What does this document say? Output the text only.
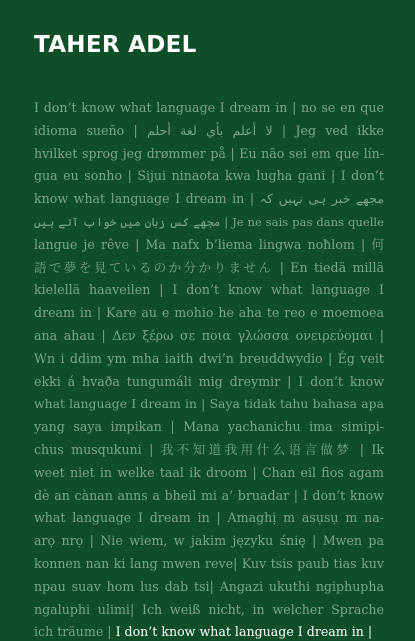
TAHER ADEL
I don’t know what language I dream in | no se en que
idioma sueño | لا أعلم بأي لغة أحلم | Jeg ved ikke
hvilket sprog jeg drømmer på | Eu não sei em que lín-
gua eu sonho | Sijui ninaota kwa lugha gani | I don’t
know what language I dream in | مجھے خبر ہی نہیں کہ
مجھے کس زبان میں خواب آتے ہیں | Je ne sais pas dans quelle
langue je rêve | Ma nafx b’liema lingwa noħlom | 何
語で夢を見ているのか分かりません | En tiedä millä
kielellä haaveilen | I don’t know what language I
dream in | Kare au e mohio he aha te reo e moemoea
ana ahau | Δεν ξέρω σε ποια γλώσσα ονειρεύομαι |
Wn i ddim ym mha iaith dwi’n breuddwydio | Ég veit
ekki á hvaða tungumáli mig dreymir | I don’t know
what language I dream in | Saya tidak tahu bahasa apa
yang saya impikan | Mana yachanichu ima simipi-
chus musqukuni | 我不知道我用什么语言做梦 | Ik
weet niet in welke taal ik droom | Chan eil fios agam
dè an cànan anns a bheil mi a’ bruadar | I don’t know
what language I dream in | Amaghị m asụsụ m na-
arọ nrọ | Nie wiem, w jakim języku śnię | Mwen pa
konnen nan ki lang mwen reve| Kuv tsis paub tias kuv
npau suav hom lus dab tsi| Angazi ukuthi ngiphupha
ngaluphi ulimi| Ich weiß nicht, in welcher Sprache
ich träume | I don’t know what language I dream in |
